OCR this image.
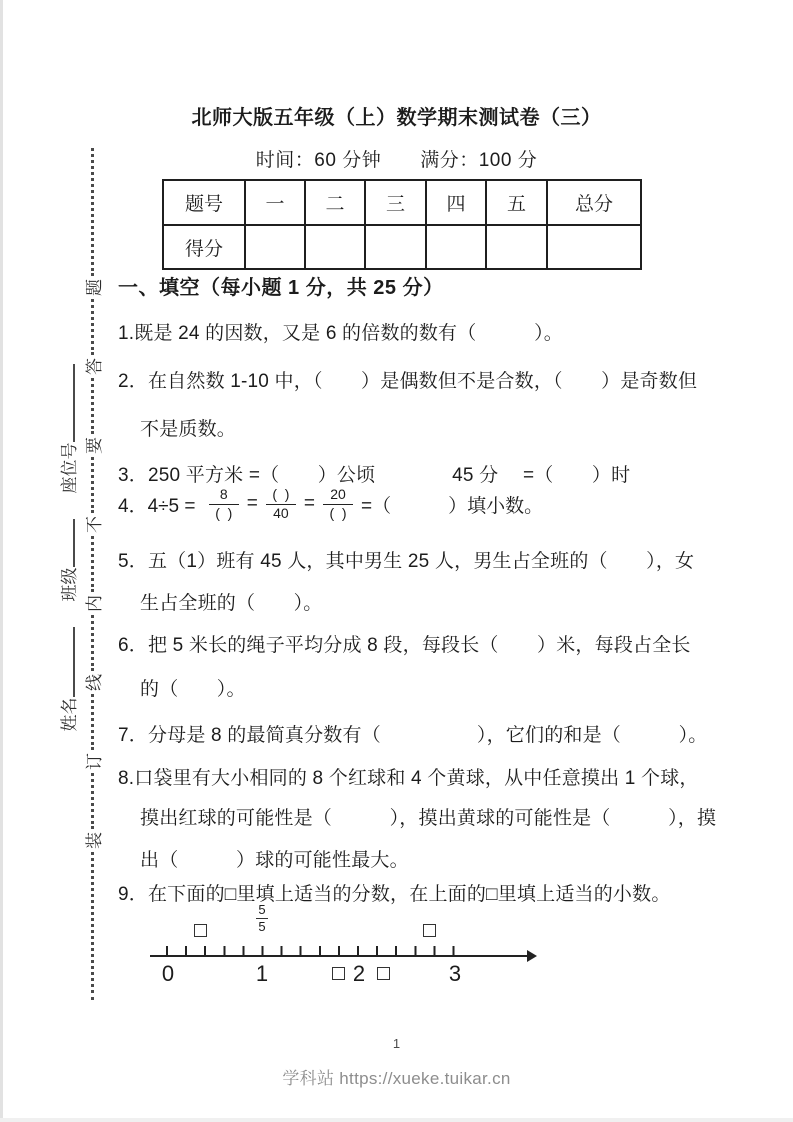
装
订
线
内
不
要
答
题
姓名
班级
座位号
北师大版五年级（上）数学期末测试卷（三）
时间：60 分钟　　满分：100 分
题号	一	二	三	四	五	总分
得分						
一、填空（每小题 1 分，共 25 分）
1.既是 24 的因数，又是 6 的倍数的数有（　　　）。
2．在自然数 1-10 中，（　　）是偶数但不是合数，（　　）是奇数但
不是质数。
3．250 平方米 =（　　）公顷　　　　45 分　 =（　　）时
4．$4\div 5 = \frac{8}{( )} = \frac{( )}{40} = \frac{20}{( )}$ =（　　　）填小数。
5．五（1）班有 45 人，其中男生 25 人，男生占全班的（　　），女
生占全班的（　　）。
6．把 5 米长的绳子平均分成 8 段，每段长（　　）米，每段占全长
的（　　）。
7．分母是 8 的最简真分数有（　　　　　），它们的和是（　　　）。
8.口袋里有大小相同的 8 个红球和 4 个黄球，从中任意摸出 1 个球，
摸出红球的可能性是（　　　），摸出黄球的可能性是（　　　），摸
出（　　　）球的可能性最大。
9．在下面的□里填上适当的分数，在上面的□里填上适当的小数。
5
5
0	1	2	3
1
学科站 https://xueke.tuikar.cn
